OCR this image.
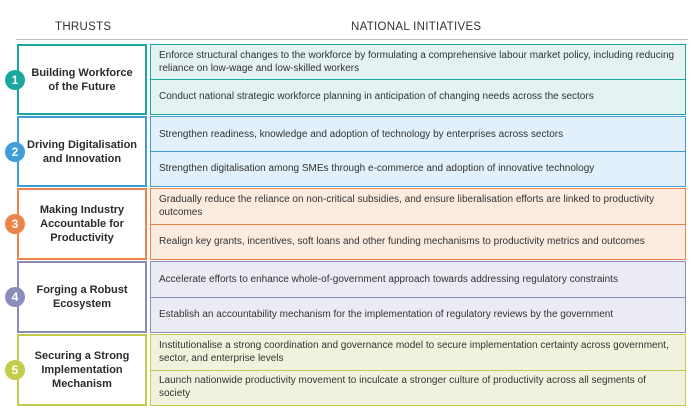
THRUSTS	NATIONAL INITIATIVES
Building Workforce of the Future
1
Enforce structural changes to the workforce by formulating a comprehensive labour market policy, including reducing reliance on low-wage and low-skilled workers
Conduct national strategic workforce planning in anticipation of changing needs across the sectors
Driving Digitalisation and Innovation
2
Strengthen readiness, knowledge and adoption of technology by enterprises across sectors
Strengthen digitalisation among SMEs through e-commerce and adoption of innovative technology
Making Industry Accountable for Productivity
3
Gradually reduce the reliance on non-critical subsidies, and ensure liberalisation efforts are linked to productivity outcomes
Realign key grants, incentives, soft loans and other funding mechanisms to productivity metrics and outcomes
Forging a Robust Ecosystem
4
Accelerate efforts to enhance whole-of-government approach towards addressing regulatory constraints
Establish an accountability mechanism for the implementation of regulatory reviews by the government
Securing a Strong Implementation Mechanism
5
Institutionalise a strong coordination and governance model to secure implementation certainty across government, sector, and enterprise levels
Launch nationwide productivity movement to inculcate a stronger culture of productivity across all segments of society
